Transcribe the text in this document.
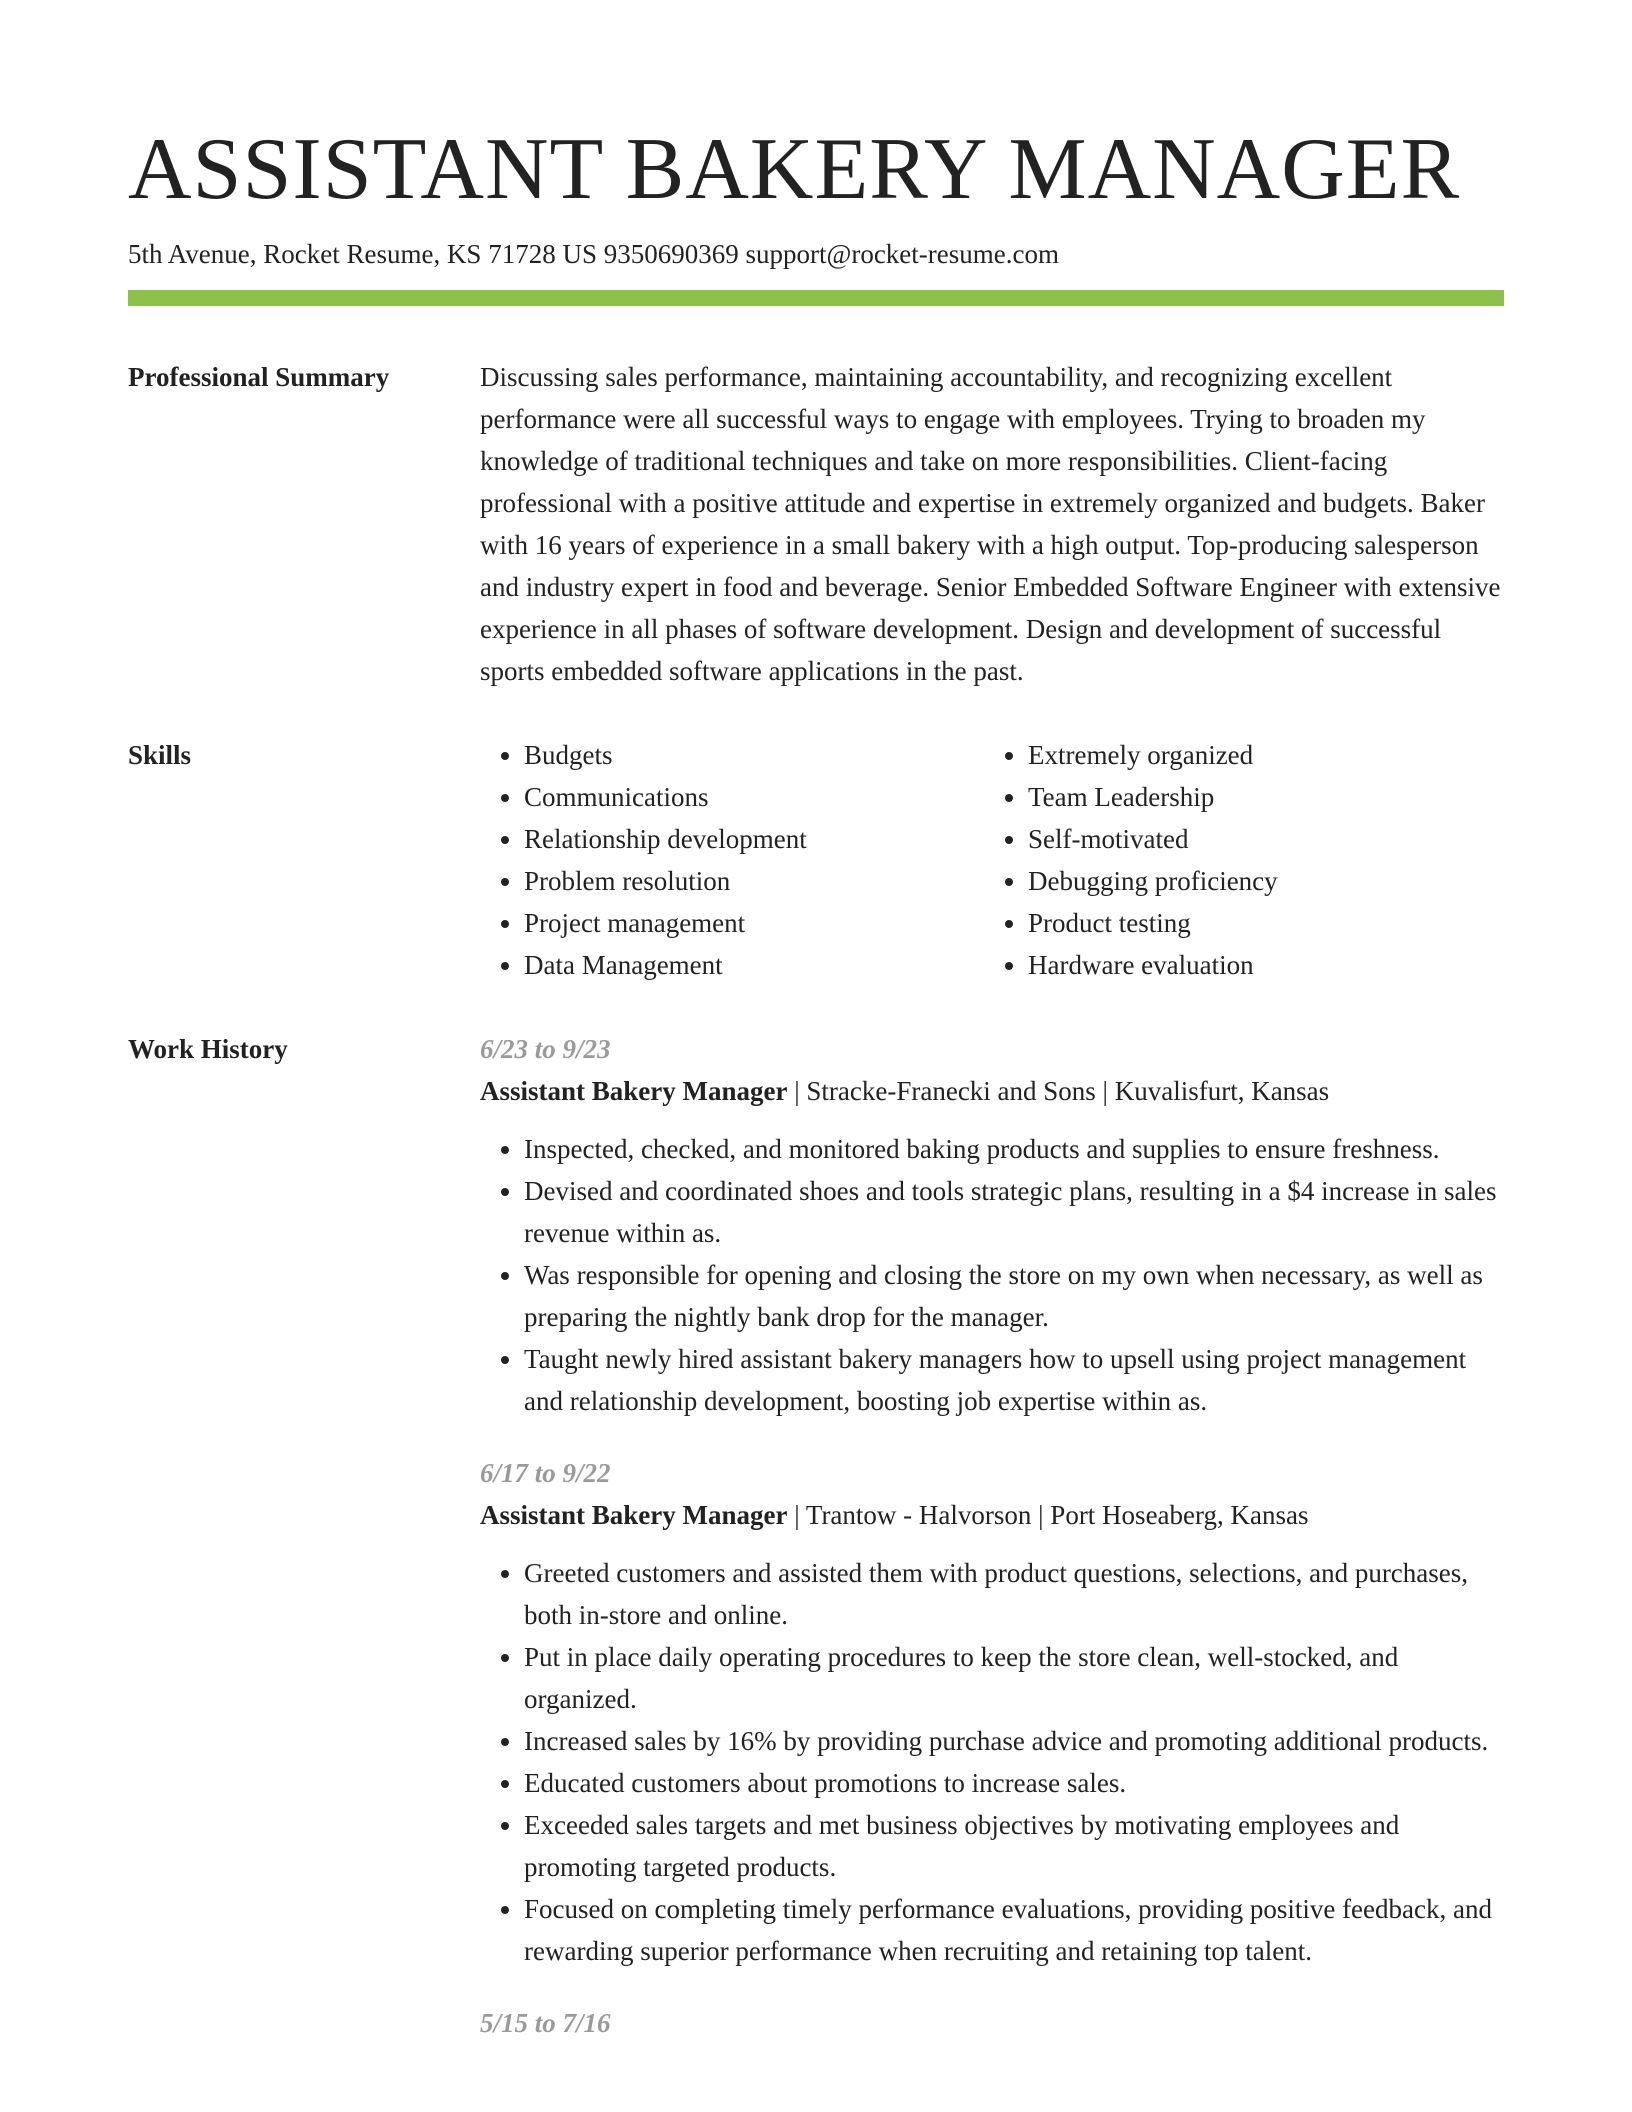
ASSISTANT BAKERY MANAGER
5th Avenue, Rocket Resume, KS 71728 US 9350690369 support@rocket-resume.com
Professional Summary	Discussing sales performance, maintaining accountability, and recognizing excellent performance were all successful ways to engage with employees. Trying to broaden my knowledge of traditional techniques and take on more responsibilities. Client-facing professional with a positive attitude and expertise in extremely organized and budgets. Baker with 16 years of experience in a small bakery with a high output. Top-producing salesperson and industry expert in food and beverage. Senior Embedded Software Engineer with extensive experience in all phases of software development. Design and development of successful sports embedded software applications in the past.

Skills
•	Budgets
• Communications
• Relationship development
• Problem resolution
• Project management
• Data Management
• Extremely organized
• Team Leadership
• Self-motivated
• Debugging proficiency
• Product testing
• Hardware evaluation
Work History	6/23 to 9/23
Assistant Bakery Manager | Stracke-Franecki and Sons | Kuvalisfurt, Kansas
• Inspected, checked, and monitored baking products and supplies to ensure freshness.
• Devised and coordinated shoes and tools strategic plans, resulting in a $4 increase in sales revenue within as.
• Was responsible for opening and closing the store on my own when necessary, as well as preparing the nightly bank drop for the manager.
• Taught newly hired assistant bakery managers how to upsell using project management and relationship development, boosting job expertise within as.
6/17 to 9/22
Assistant Bakery Manager | Trantow - Halvorson | Port Hoseaberg, Kansas
• Greeted customers and assisted them with product questions, selections, and purchases, both in-store and online.
• Put in place daily operating procedures to keep the store clean, well-stocked, and organized.
• Increased sales by 16% by providing purchase advice and promoting additional products.
• Educated customers about promotions to increase sales.
• Exceeded sales targets and met business objectives by motivating employees and promoting targeted products.
• Focused on completing timely performance evaluations, providing positive feedback, and rewarding superior performance when recruiting and retaining top talent.
5/15 to 7/16
